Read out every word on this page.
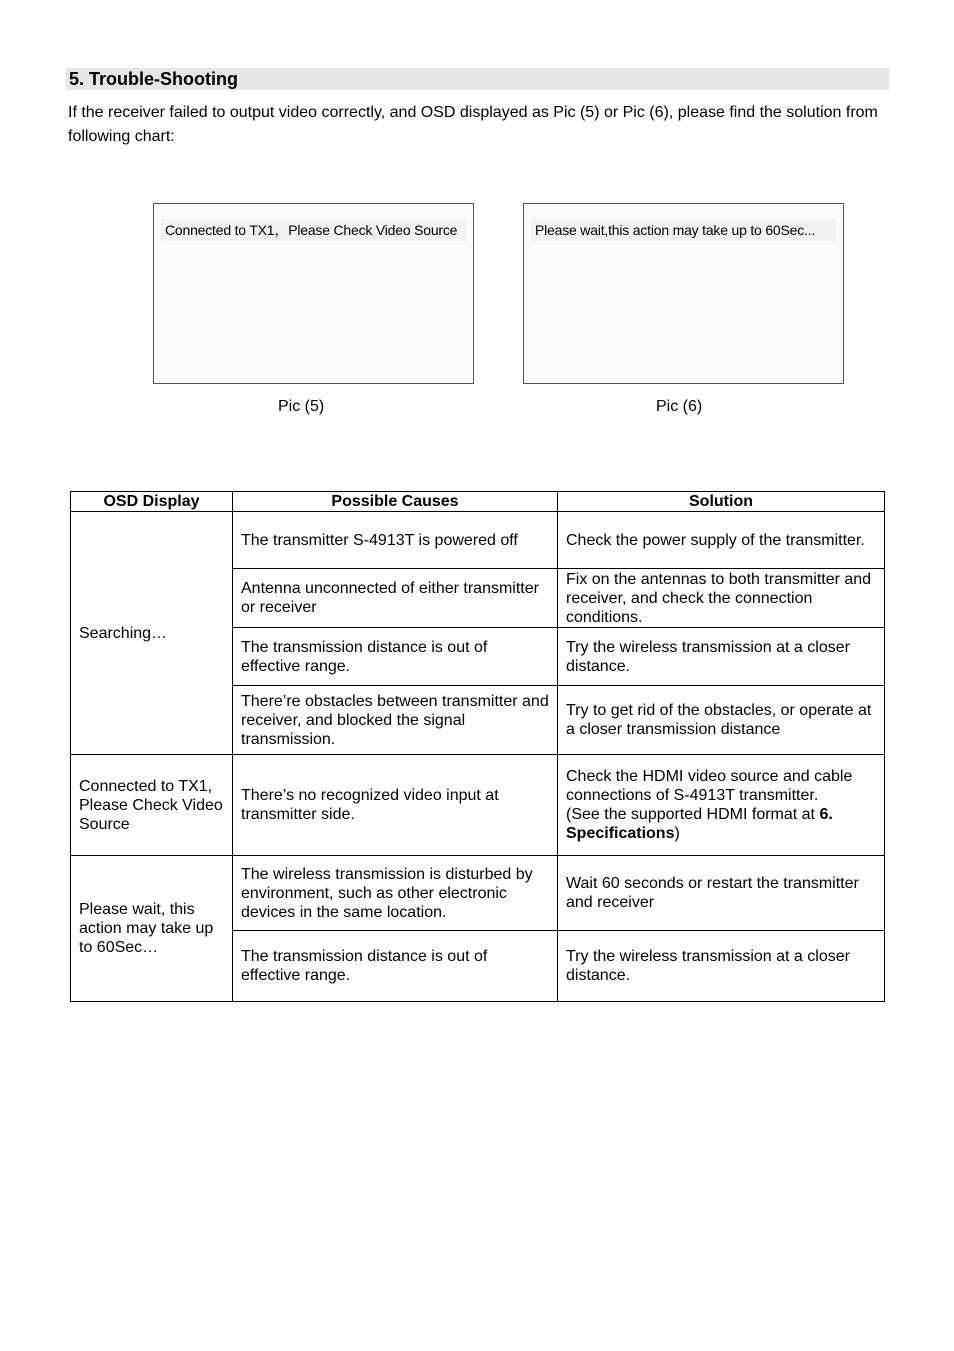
5. Trouble-Shooting
If the receiver failed to output video correctly, and OSD displayed as Pic (5) or Pic (6), please find the solution from following chart:
Connected to TX1，Please Check Video Source
Pic (5)
Please wait,this action may take up to 60Sec...
Pic (6)
OSD Display	Possible Causes	Solution
Searching…	The transmitter S-4913T is powered off	Check the power supply of the transmitter.
	Antenna unconnected of either transmitter or receiver	Fix on the antennas to both transmitter and receiver, and check the connection conditions.
	The transmission distance is out of effective range.	Try the wireless transmission at a closer distance.
	There’re obstacles between transmitter and receiver, and blocked the signal transmission.	Try to get rid of the obstacles, or operate at a closer transmission distance
Connected to TX1, Please Check Video Source	There’s no recognized video input at transmitter side.	Check the HDMI video source and cable connections of S-4913T transmitter.
(See the supported HDMI format at 6. Specifications)
Please wait, this action may take up to 60Sec…	The wireless transmission is disturbed by environment, such as other electronic devices in the same location.	Wait 60 seconds or restart the transmitter and receiver
	The transmission distance is out of effective range.	Try the wireless transmission at a closer distance.
